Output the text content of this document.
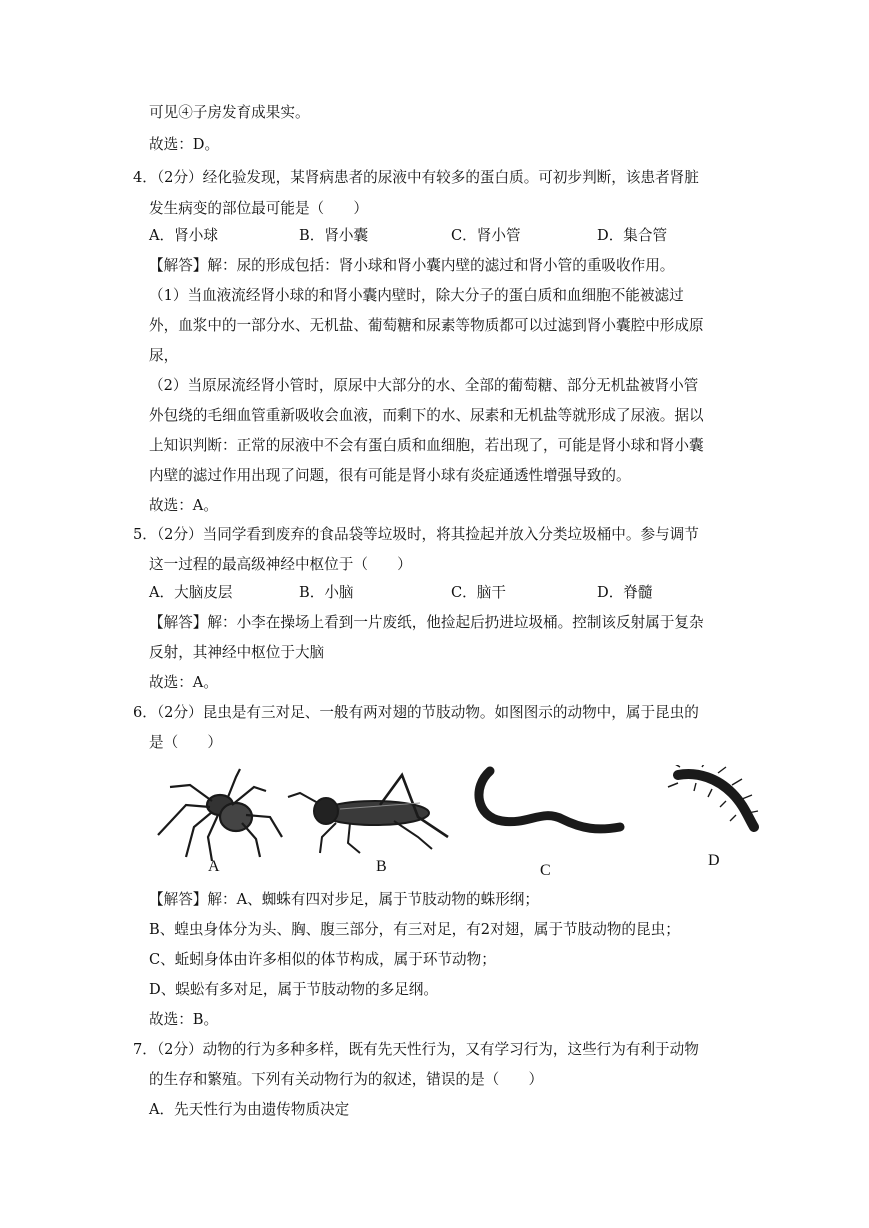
可见④子房发育成果实。
故选：D。
4．（2分）经化验发现，某肾病患者的尿液中有较多的蛋白质。可初步判断，该患者肾脏
发生病变的部位最可能是（　　）
A．肾小球	B．肾小囊	C．肾小管	D．集合管
【解答】解：尿的形成包括：肾小球和肾小囊内壁的滤过和肾小管的重吸收作用。
（1）当血液流经肾小球的和肾小囊内壁时，除大分子的蛋白质和血细胞不能被滤过
外，血浆中的一部分水、无机盐、葡萄糖和尿素等物质都可以过滤到肾小囊腔中形成原
尿，
（2）当原尿流经肾小管时，原尿中大部分的水、全部的葡萄糖、部分无机盐被肾小管
外包绕的毛细血管重新吸收会血液，而剩下的水、尿素和无机盐等就形成了尿液。据以
上知识判断：正常的尿液中不会有蛋白质和血细胞，若出现了，可能是肾小球和肾小囊
内壁的滤过作用出现了问题，很有可能是肾小球有炎症通透性增强导致的。
故选：A。
5．（2分）当同学看到废弃的食品袋等垃圾时，将其捡起并放入分类垃圾桶中。参与调节
这一过程的最高级神经中枢位于（　　）
A．大脑皮层	B．小脑	C．脑干	D．脊髓
【解答】解：小李在操场上看到一片废纸，他捡起后扔进垃圾桶。控制该反射属于复杂
反射，其神经中枢位于大脑
故选：A。
6．（2分）昆虫是有三对足、一般有两对翅的节肢动物。如图图示的动物中，属于昆虫的
是（　　）
A	B	C
D
【解答】解：A、蜘蛛有四对步足，属于节肢动物的蛛形纲；
B、蝗虫身体分为头、胸、腹三部分，有三对足，有2对翅，属于节肢动物的昆虫；
C、蚯蚓身体由许多相似的体节构成，属于环节动物；
D、蜈蚣有多对足，属于节肢动物的多足纲。
故选：B。
7．（2分）动物的行为多种多样，既有先天性行为，又有学习行为，这些行为有利于动物
的生存和繁殖。下列有关动物行为的叙述，错误的是（　　）
A．先天性行为由遗传物质决定
